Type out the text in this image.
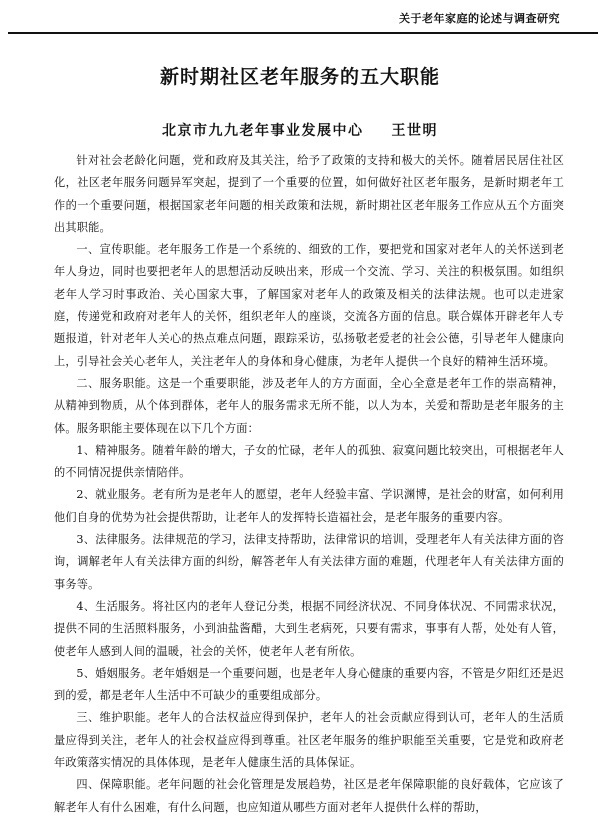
关于老年家庭的论述与调查研究
新时期社区老年服务的五大职能
北京市九九老年事业发展中心 王世明

针对社会老龄化问题，党和政府及其关注，给予了政策的支持和极大的关怀。随着居民居住社区化，社区老年服务问题异军突起，提到了一个重要的位置，如何做好社区老年服务，是新时期老年工作的一个重要问题，根据国家老年问题的相关政策和法规，新时期社区老年服务工作应从五个方面突出其职能。

一、宣传职能。老年服务工作是一个系统的、细致的工作，要把党和国家对老年人的关怀送到老年人身边，同时也要把老年人的思想活动反映出来，形成一个交流、学习、关注的积极氛围。如组织老年人学习时事政治、关心国家大事，了解国家对老年人的政策及相关的法律法规。也可以走进家庭，传递党和政府对老年人的关怀，组织老年人的座谈，交流各方面的信息。联合媒体开辟老年人专题报道，针对老年人关心的热点难点问题，跟踪采访，弘扬敬老爱老的社会公德，引导老年人健康向上，引导社会关心老年人，关注老年人的身体和身心健康，为老年人提供一个良好的精神生活环境。

二、服务职能。这是一个重要职能，涉及老年人的方方面面，全心全意是老年工作的崇高精神，从精神到物质，从个体到群体，老年人的服务需求无所不能，以人为本，关爱和帮助是老年服务的主体。服务职能主要体现在以下几个方面：

1、精神服务。随着年龄的增大，子女的忙碌，老年人的孤独、寂寞问题比较突出，可根据老年人的不同情况提供亲情陪伴。

2、就业服务。老有所为是老年人的愿望，老年人经验丰富、学识渊博，是社会的财富，如何利用他们自身的优势为社会提供帮助，让老年人的发挥特长造福社会，是老年服务的重要内容。

3、法律服务。法律规范的学习，法律支持帮助，法律常识的培训，受理老年人有关法律方面的咨询，调解老年人有关法律方面的纠纷，解答老年人有关法律方面的难题，代理老年人有关法律方面的事务等。

4、生活服务。将社区内的老年人登记分类，根据不同经济状况、不同身体状况、不同需求状况，提供不同的生活照料服务，小到油盐酱醋，大到生老病死，只要有需求，事事有人帮，处处有人管，使老年人感到人间的温暖，社会的关怀，使老年人老有所依。

5、婚姻服务。老年婚姻是一个重要问题，也是老年人身心健康的重要内容，不管是夕阳红还是迟到的爱，都是老年人生活中不可缺少的重要组成部分。

三、维护职能。老年人的合法权益应得到保护，老年人的社会贡献应得到认可，老年人的生活质量应得到关注，老年人的社会权益应得到尊重。社区老年服务的维护职能至关重要，它是党和政府老年政策落实情况的具体体现，是老年人健康生活的具体保证。

四、保障职能。老年问题的社会化管理是发展趋势，社区是老年保障职能的良好载体，它应该了解老年人有什么困难，有什么问题，也应知道从哪些方面对老年人提供什么样的帮助，
